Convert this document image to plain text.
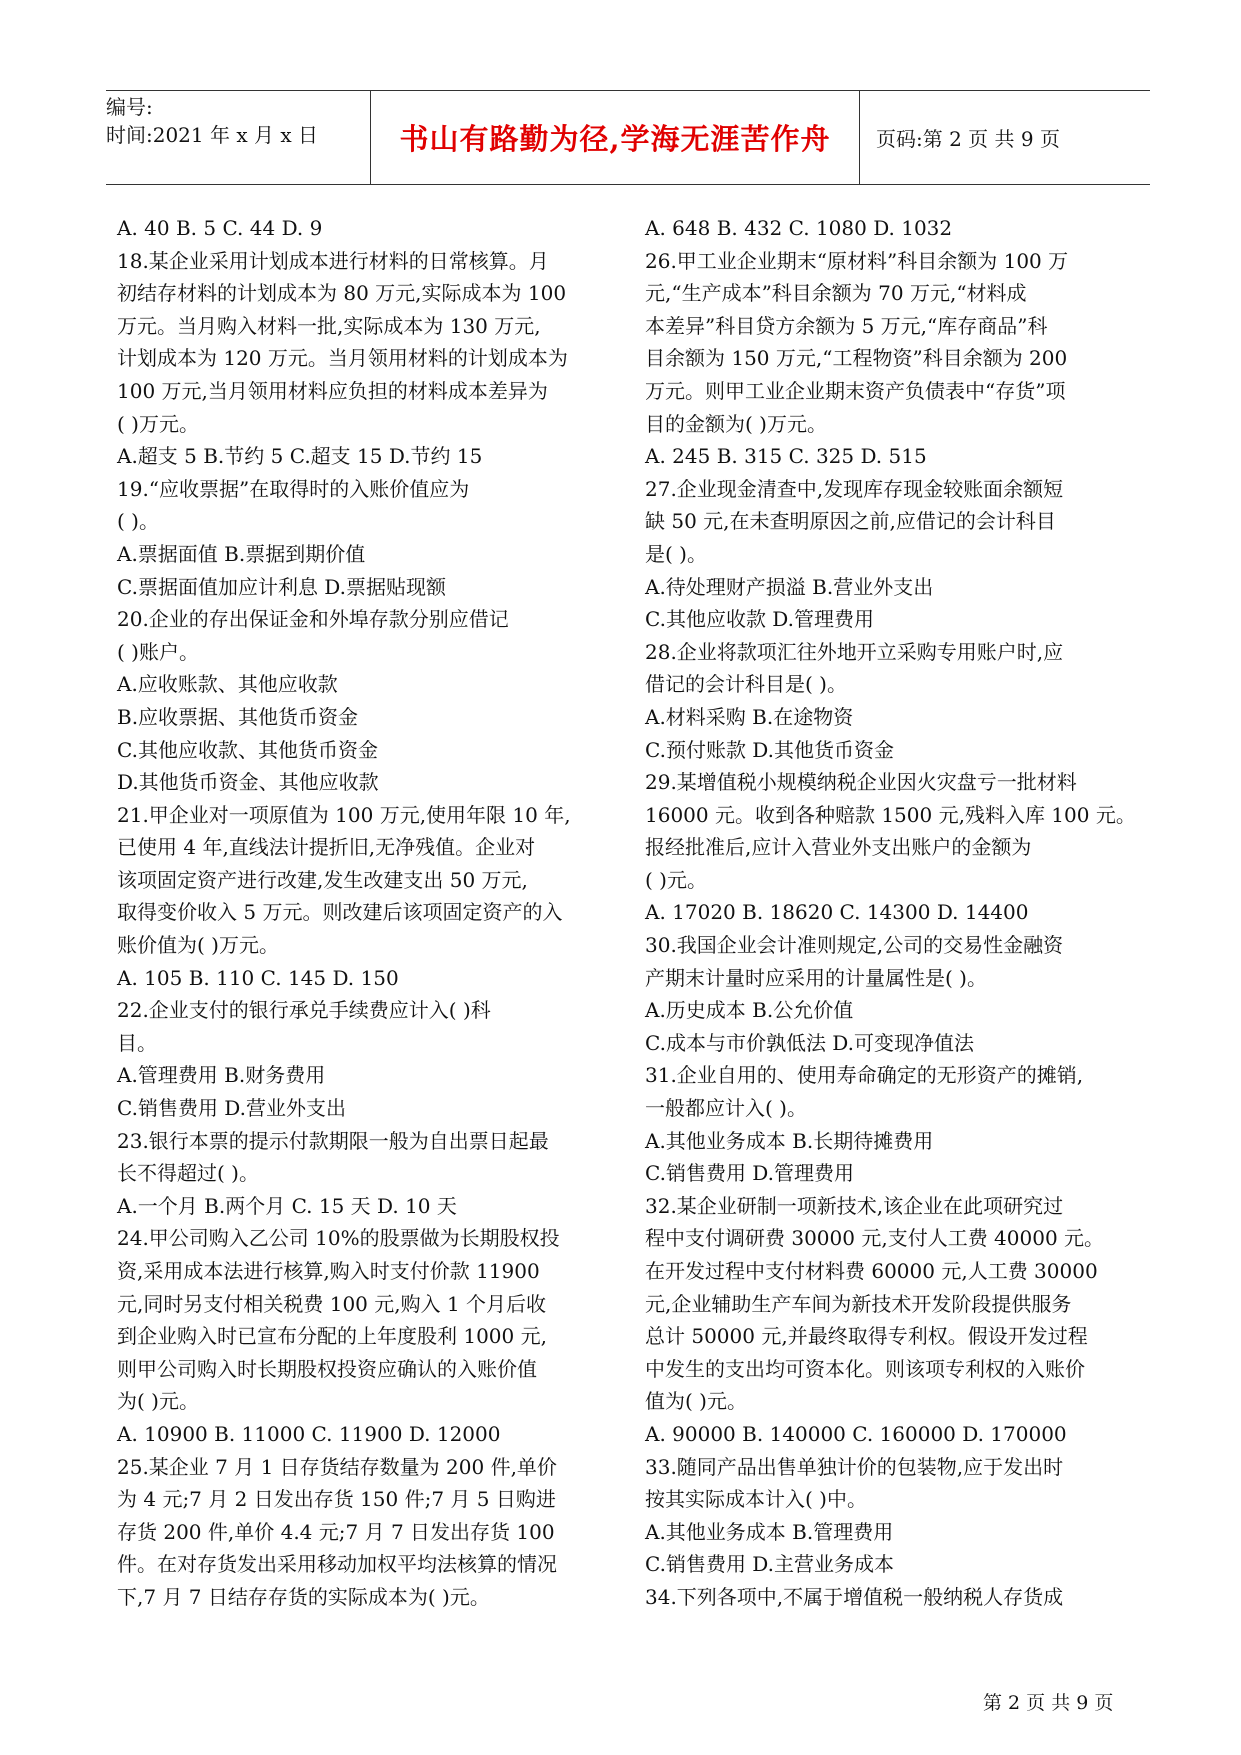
编号:
时间:2021 年 x 月 x 日	书山有路勤为径,学海无涯苦作舟	页码:第 2 页 共 9 页
A. 40 B. 5 C. 44 D. 9
18.某企业采用计划成本进行材料的日常核算。月
初结存材料的计划成本为 80 万元,实际成本为 100
万元。当月购入材料一批,实际成本为 130 万元,
计划成本为 120 万元。当月领用材料的计划成本为
100 万元,当月领用材料应负担的材料成本差异为
( )万元。
A.超支 5 B.节约 5 C.超支 15 D.节约 15
19.“应收票据”在取得时的入账价值应为
( )。
A.票据面值 B.票据到期价值
C.票据面值加应计利息 D.票据贴现额
20.企业的存出保证金和外埠存款分别应借记
( )账户。
A.应收账款、其他应收款
B.应收票据、其他货币资金
C.其他应收款、其他货币资金
D.其他货币资金、其他应收款
21.甲企业对一项原值为 100 万元,使用年限 10 年,
已使用 4 年,直线法计提折旧,无净残值。企业对
该项固定资产进行改建,发生改建支出 50 万元,
取得变价收入 5 万元。则改建后该项固定资产的入
账价值为( )万元。
A. 105 B. 110 C. 145 D. 150
22.企业支付的银行承兑手续费应计入( )科
目。
A.管理费用 B.财务费用
C.销售费用 D.营业外支出
23.银行本票的提示付款期限一般为自出票日起最
长不得超过( )。
A.一个月 B.两个月 C. 15 天 D. 10 天
24.甲公司购入乙公司 10%的股票做为长期股权投
资,采用成本法进行核算,购入时支付价款 11900
元,同时另支付相关税费 100 元,购入 1 个月后收
到企业购入时已宣布分配的上年度股利 1000 元,
则甲公司购入时长期股权投资应确认的入账价值
为( )元。
A. 10900 B. 11000 C. 11900 D. 12000
25.某企业 7 月 1 日存货结存数量为 200 件,单价
为 4 元;7 月 2 日发出存货 150 件;7 月 5 日购进
存货 200 件,单价 4.4 元;7 月 7 日发出存货 100
件。在对存货发出采用移动加权平均法核算的情况
下,7 月 7 日结存存货的实际成本为( )元。
A. 648 B. 432 C. 1080 D. 1032
26.甲工业企业期末“原材料”科目余额为 100 万
元,“生产成本”科目余额为 70 万元,“材料成
本差异”科目贷方余额为 5 万元,“库存商品”科
目余额为 150 万元,“工程物资”科目余额为 200
万元。则甲工业企业期末资产负债表中“存货”项
目的金额为( )万元。
A. 245 B. 315 C. 325 D. 515
27.企业现金清查中,发现库存现金较账面余额短
缺 50 元,在未查明原因之前,应借记的会计科目
是( )。
A.待处理财产损溢 B.营业外支出
C.其他应收款 D.管理费用
28.企业将款项汇往外地开立采购专用账户时,应
借记的会计科目是( )。
A.材料采购 B.在途物资
C.预付账款 D.其他货币资金
29.某增值税小规模纳税企业因火灾盘亏一批材料
16000 元。收到各种赔款 1500 元,残料入库 100 元。
报经批准后,应计入营业外支出账户的金额为
( )元。
A. 17020 B. 18620 C. 14300 D. 14400
30.我国企业会计准则规定,公司的交易性金融资
产期末计量时应采用的计量属性是( )。
A.历史成本 B.公允价值
C.成本与市价孰低法 D.可变现净值法
31.企业自用的、使用寿命确定的无形资产的摊销,
一般都应计入( )。
A.其他业务成本 B.长期待摊费用
C.销售费用 D.管理费用
32.某企业研制一项新技术,该企业在此项研究过
程中支付调研费 30000 元,支付人工费 40000 元。
在开发过程中支付材料费 60000 元,人工费 30000
元,企业辅助生产车间为新技术开发阶段提供服务
总计 50000 元,并最终取得专利权。假设开发过程
中发生的支出均可资本化。则该项专利权的入账价
值为( )元。
A. 90000 B. 140000 C. 160000 D. 170000
33.随同产品出售单独计价的包装物,应于发出时
按其实际成本计入( )中。
A.其他业务成本 B.管理费用
C.销售费用 D.主营业务成本
34.下列各项中,不属于增值税一般纳税人存货成
第 2 页 共 9 页
